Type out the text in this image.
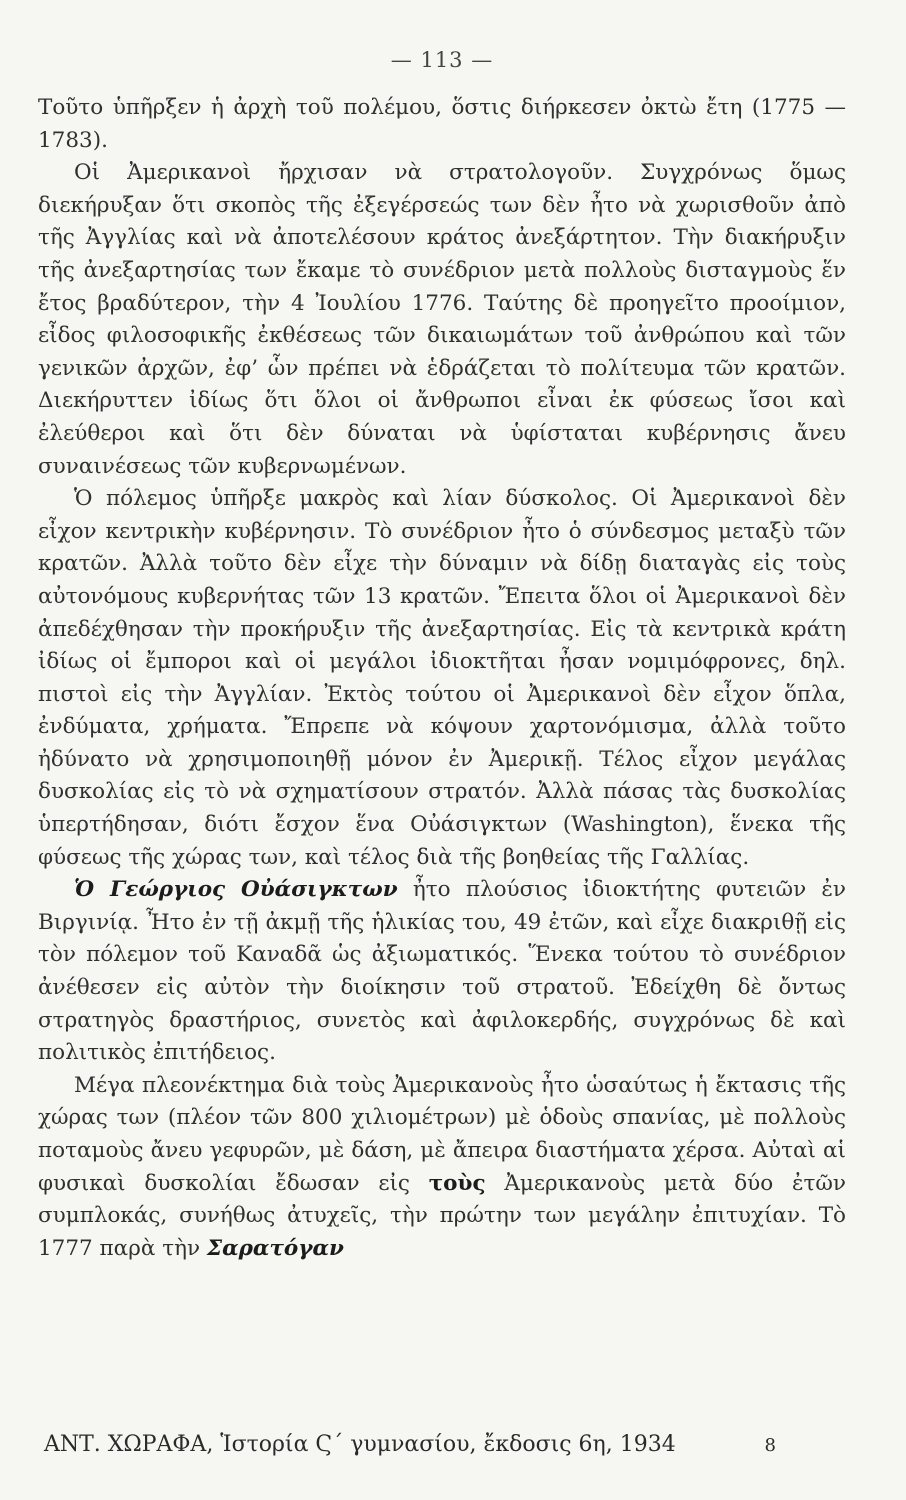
— 113 —

Τοῦτο ὑπῆρξεν ἡ ἀρχὴ τοῦ πολέμου, ὅστις διήρκεσεν ὀκτὼ ἔτη (1775 — 1783).

Οἱ Ἀμερικανοὶ ἤρχισαν νὰ στρατολογοῦν. Συγχρόνως ὅμως διεκήρυξαν ὅτι σκοπὸς τῆς ἐξεγέρσεώς των δὲν ἦτο νὰ χωρισθοῦν ἀπὸ τῆς Ἀγγλίας καὶ νὰ ἀποτελέσουν κράτος ἀνεξάρτητον. Τὴν διακήρυξιν τῆς ἀνεξαρτησίας των ἔκαμε τὸ συνέδριον μετὰ πολλοὺς δισταγμοὺς ἕν ἔτος βραδύτερον, τὴν 4 Ἰουλίου 1776. Ταύτης δὲ προηγεῖτο προοίμιον, εἶδος φιλοσοφικῆς ἐκθέσεως τῶν δικαιωμάτων τοῦ ἀνθρώπου καὶ τῶν γενικῶν ἀρχῶν, ἐφ’ ὧν πρέπει νὰ ἑδράζεται τὸ πολίτευμα τῶν κρατῶν. Διεκήρυττεν ἰδίως ὅτι ὅλοι οἱ ἄνθρωποι εἶναι ἐκ φύσεως ἴσοι καὶ ἐλεύθεροι καὶ ὅτι δὲν δύναται νὰ ὑφίσταται κυβέρνησις ἄνευ συναινέσεως τῶν κυβερνωμένων.

Ὁ πόλεμος ὑπῆρξε μακρὸς καὶ λίαν δύσκολος. Οἱ Ἀμερικανοὶ δὲν εἶχον κεντρικὴν κυβέρνησιν. Τὸ συνέδριον ἦτο ὁ σύνδεσμος μεταξὺ τῶν κρατῶν. Ἀλλὰ τοῦτο δὲν εἶχε τὴν δύναμιν νὰ δίδῃ διαταγὰς εἰς τοὺς αὐτονόμους κυβερνήτας τῶν 13 κρατῶν. Ἔπειτα ὅλοι οἱ Ἀμερικανοὶ δὲν ἀπεδέχθησαν τὴν προκήρυξιν τῆς ἀνεξαρτησίας. Εἰς τὰ κεντρικὰ κράτη ἰδίως οἱ ἔμποροι καὶ οἱ μεγάλοι ἰδιοκτῆται ἦσαν νομιμόφρονες, δηλ. πιστοὶ εἰς τὴν Ἀγγλίαν. Ἐκτὸς τούτου οἱ Ἀμερικανοὶ δὲν εἶχον ὅπλα, ἐνδύματα, χρήματα. Ἔπρεπε νὰ κόψουν χαρτονόμισμα, ἀλλὰ τοῦτο ἠδύνατο νὰ χρησιμοποιηθῇ μόνον ἐν Ἀμερικῇ. Τέλος εἶχον μεγάλας δυσκολίας εἰς τὸ νὰ σχηματίσουν στρατόν. Ἀλλὰ πάσας τὰς δυσκολίας ὑπερτήδησαν, διότι ἔσχον ἕνα Οὐάσιγκτων (Washington), ἕνεκα τῆς φύσεως τῆς χώρας των, καὶ τέλος διὰ τῆς βοηθείας τῆς Γαλλίας.

Ὁ Γεώργιος Οὐάσιγκτων ἦτο πλούσιος ἰδιοκτήτης φυτειῶν ἐν Βιργινίᾳ. Ἦτο ἐν τῇ ἀκμῇ τῆς ἡλικίας του, 49 ἐτῶν, καὶ εἶχε διακριθῇ εἰς τὸν πόλεμον τοῦ Καναδᾶ ὡς ἀξιωματικός. Ἕνεκα τούτου τὸ συνέδριον ἀνέθεσεν εἰς αὐτὸν τὴν διοίκησιν τοῦ στρατοῦ. Ἐδείχθη δὲ ὄντως στρατηγὸς δραστήριος, συνετὸς καὶ ἀφιλοκερδής, συγχρόνως δὲ καὶ πολιτικὸς ἐπιτήδειος.

Μέγα πλεονέκτημα διὰ τοὺς Ἀμερικανοὺς ἦτο ὡσαύτως ἡ ἔκτασις τῆς χώρας των (πλέον τῶν 800 χιλιομέτρων) μὲ ὁδοὺς σπανίας, μὲ πολλοὺς ποταμοὺς ἄνευ γεφυρῶν, μὲ δάση, μὲ ἄπειρα διαστήματα χέρσα. Αὐταὶ αἱ φυσικαὶ δυσκολίαι ἔδωσαν εἰς τοὺς Ἀμερικανοὺς μετὰ δύο ἐτῶν συμπλοκάς, συνήθως ἀτυχεῖς, τὴν πρώτην των μεγάλην ἐπιτυχίαν. Τὸ 1777 παρὰ τὴν Σαρατόγαν

ΑΝΤ. ΧΩΡΑΦΑ, Ἱστορία Ϛ΄ γυμνασίου, ἔκδοσις 6η, 1934	8
